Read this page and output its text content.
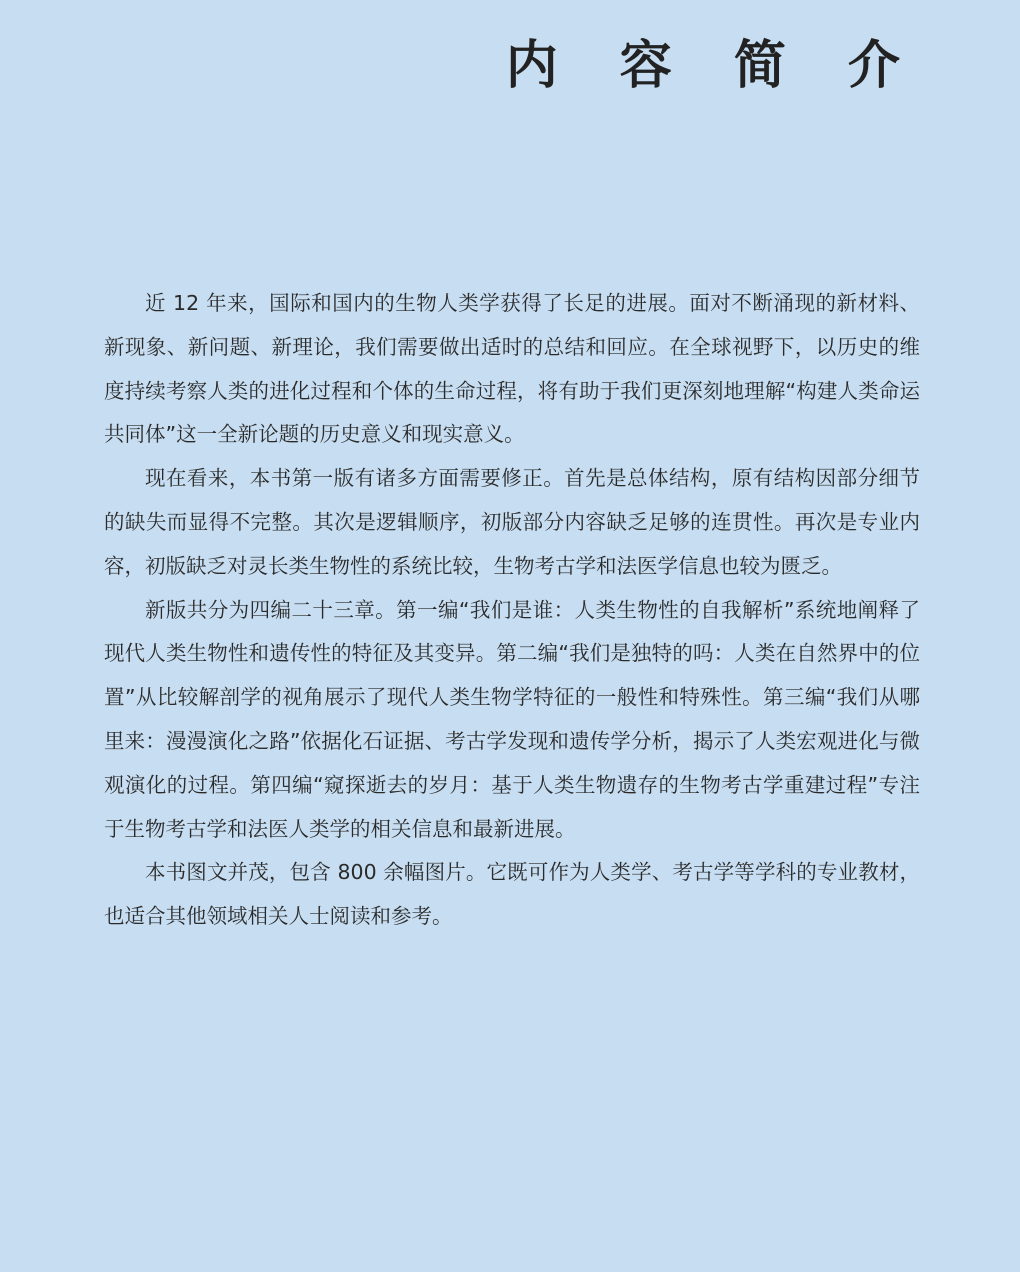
内 容 简 介

近 12 年来，国际和国内的生物人类学获得了长足的进展。面对不断涌现的新材料、新现象、新问题、新理论，我们需要做出适时的总结和回应。在全球视野下，以历史的维度持续考察人类的进化过程和个体的生命过程，将有助于我们更深刻地理解“构建人类命运共同体”这一全新论题的历史意义和现实意义。

现在看来，本书第一版有诸多方面需要修正。首先是总体结构，原有结构因部分细节的缺失而显得不完整。其次是逻辑顺序，初版部分内容缺乏足够的连贯性。再次是专业内容，初版缺乏对灵长类生物性的系统比较，生物考古学和法医学信息也较为匮乏。

新版共分为四编二十三章。第一编“我们是谁：人类生物性的自我解析”系统地阐释了现代人类生物性和遗传性的特征及其变异。第二编“我们是独特的吗：人类在自然界中的位置”从比较解剖学的视角展示了现代人类生物学特征的一般性和特殊性。第三编“我们从哪里来：漫漫演化之路”依据化石证据、考古学发现和遗传学分析，揭示了人类宏观进化与微观演化的过程。第四编“窥探逝去的岁月：基于人类生物遗存的生物考古学重建过程”专注于生物考古学和法医人类学的相关信息和最新进展。

本书图文并茂，包含 800 余幅图片。它既可作为人类学、考古学等学科的专业教材，也适合其他领域相关人士阅读和参考。
